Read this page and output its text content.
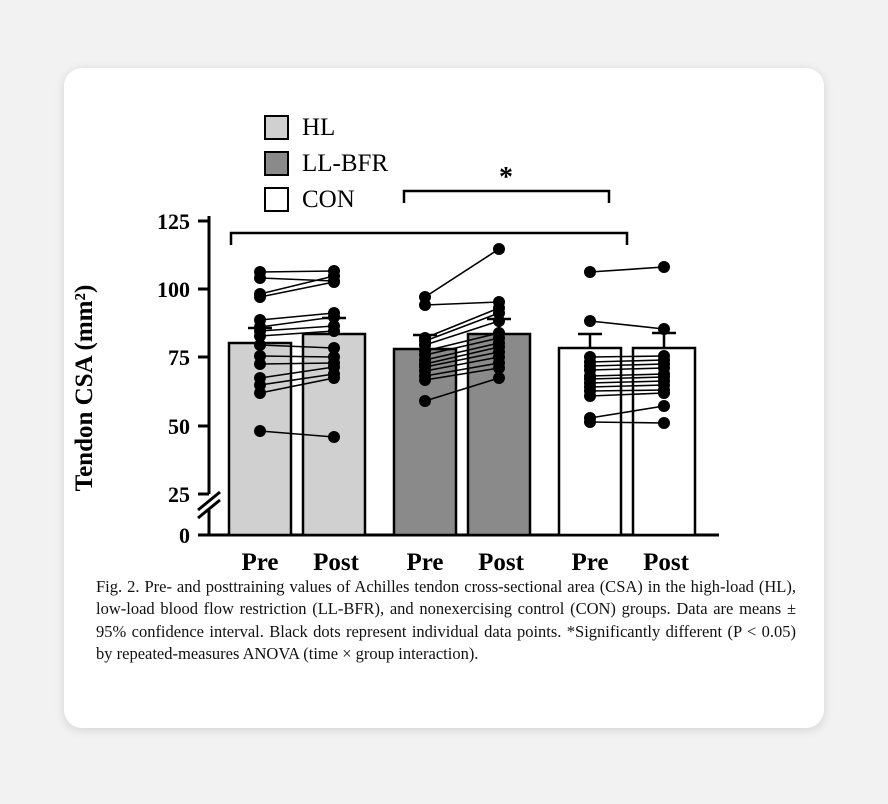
HL
LL-BFR
CON
Tendon CSA (mm²)
0
25
50
75
100
125
*
Pre Post Pre Post Pre Post
Fig. 2. Pre- and posttraining values of Achilles tendon cross-sectional area (CSA) in the high-load (HL), low-load blood flow restriction (LL-BFR), and nonexercising control (CON) groups. Data are means ± 95% confidence interval. Black dots represent individual data points. *Significantly different (P < 0.05) by repeated-measures ANOVA (time × group interaction).
